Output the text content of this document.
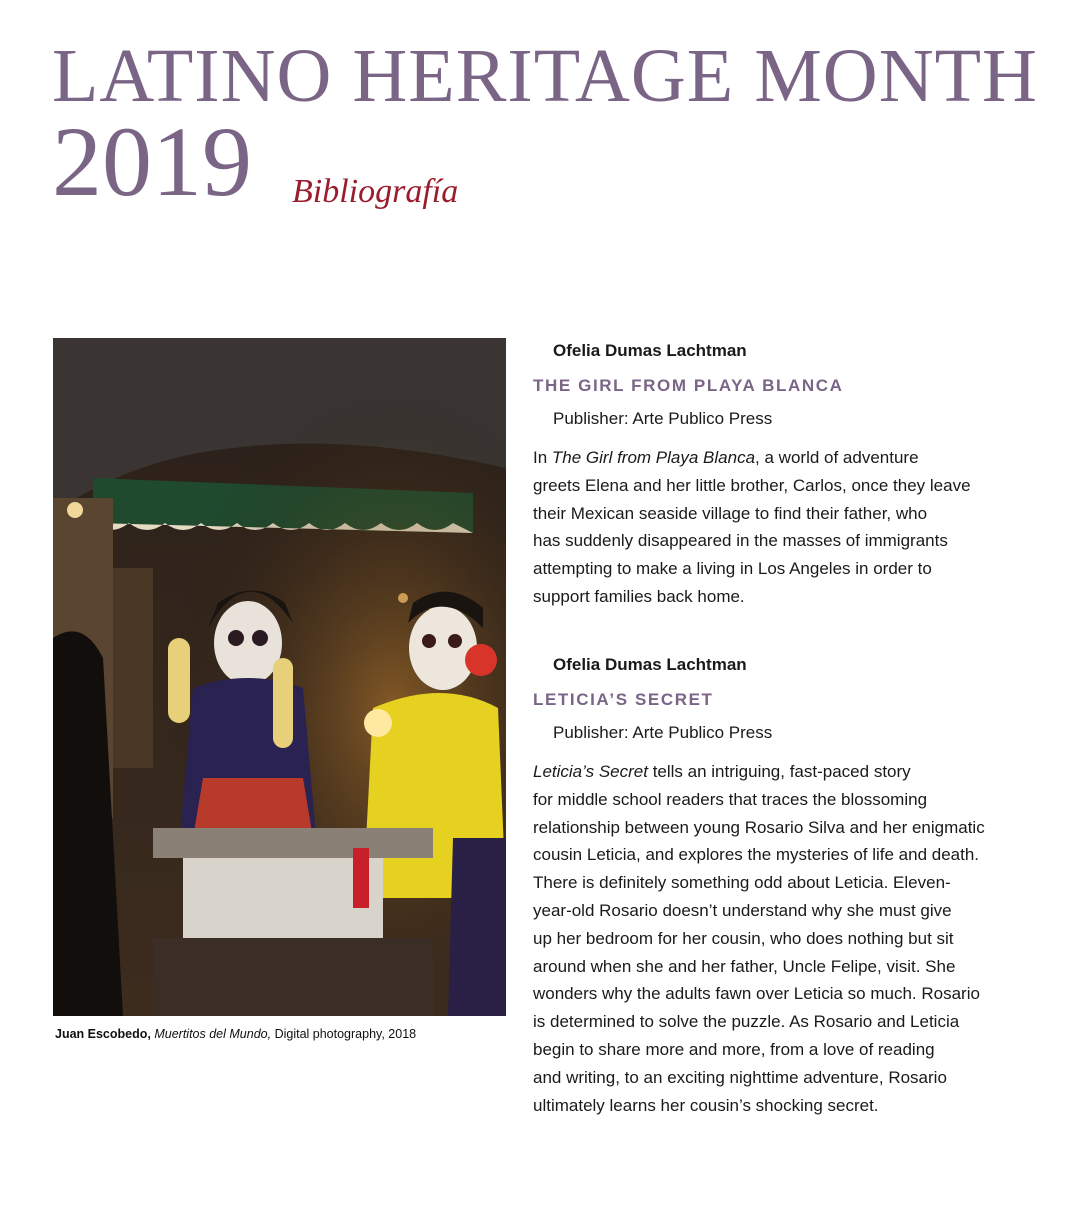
LATINO HERITAGE MONTH
2019 Bibliografía
Juan Escobedo, Muertitos del Mundo, Digital photography, 2018
Ofelia Dumas Lachtman
THE GIRL FROM PLAYA BLANCA
Publisher: Arte Publico Press
In The Girl from Playa Blanca, a world of adventure
greets Elena and her little brother, Carlos, once they leave
their Mexican seaside village to find their father, who
has suddenly disappeared in the masses of immigrants
attempting to make a living in Los Angeles in order to
support families back home.
Ofelia Dumas Lachtman
LETICIA’S SECRET
Publisher: Arte Publico Press
Leticia’s Secret tells an intriguing, fast-paced story
for middle school readers that traces the blossoming
relationship between young Rosario Silva and her enigmatic
cousin Leticia, and explores the mysteries of life and death.
There is definitely something odd about Leticia. Eleven-
year-old Rosario doesn’t understand why she must give
up her bedroom for her cousin, who does nothing but sit
around when she and her father, Uncle Felipe, visit. She
wonders why the adults fawn over Leticia so much. Rosario
is determined to solve the puzzle. As Rosario and Leticia
begin to share more and more, from a love of reading
and writing, to an exciting nighttime adventure, Rosario
ultimately learns her cousin’s shocking secret.
